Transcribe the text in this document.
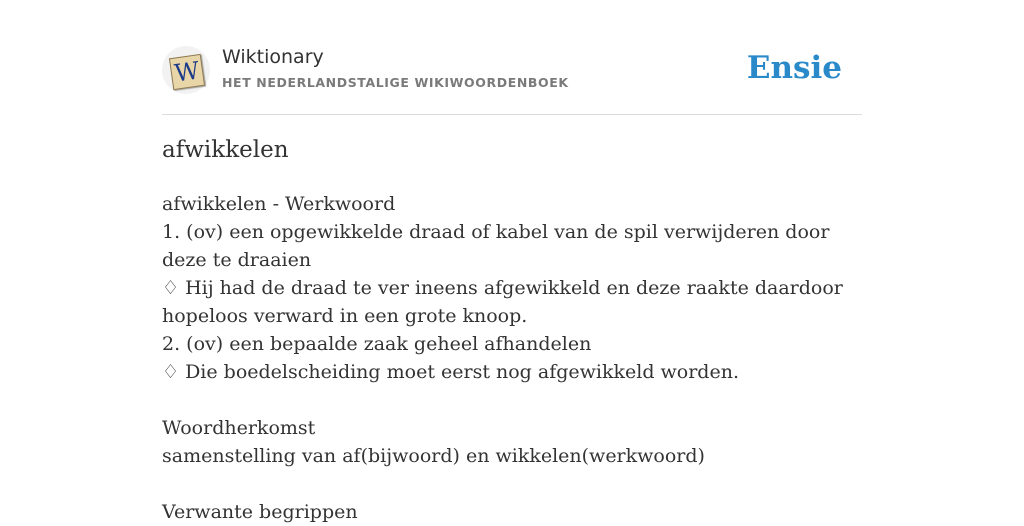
W Wiktionary
HET NEDERLANDSTALIGE WIKIWOORDENBOEK	Ensie
afwikkelen
afwikkelen - Werkwoord
1. (ov) een opgewikkelde draad of kabel van de spil verwijderen door deze te draaien
♢ Hij had de draad te ver ineens afgewikkeld en deze raakte daardoor hopeloos verward in een grote knoop.
2. (ov) een bepaalde zaak geheel afhandelen
♢ Die boedelscheiding moet eerst nog afgewikkeld worden.
Woordherkomst
samenstelling van af(bijwoord) en wikkelen(werkwoord)
Verwante begrippen
